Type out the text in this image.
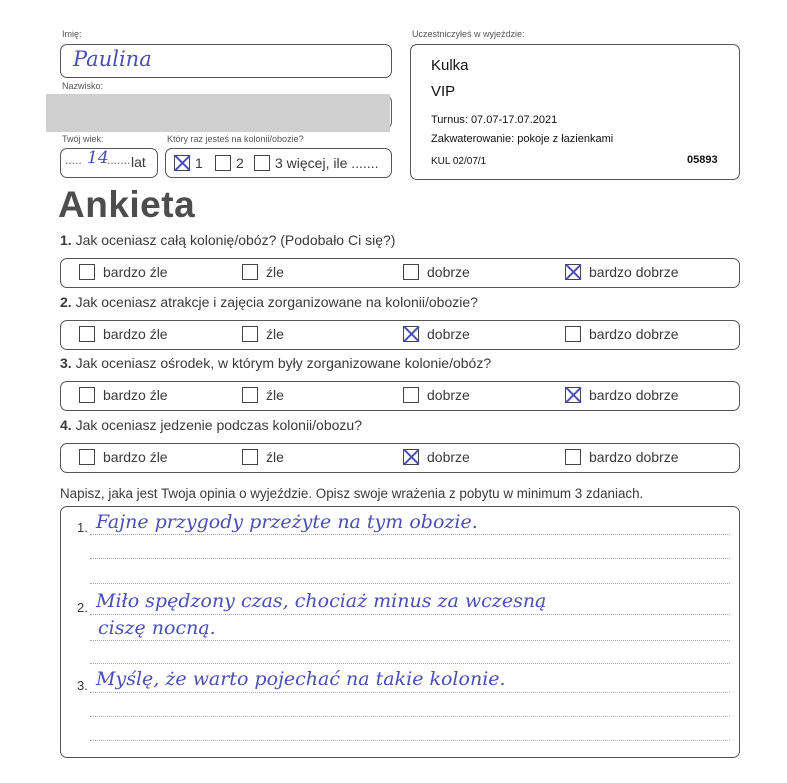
Imię:
Paulina
Nazwisko:
Twój wiek:
..... 14
....... lat
Który raz jesteś na kolonii/obozie?
1 2 3 więcej, ile .......
Uczestniczyłeś w wyjeździe:
Kulka
VIP
Turnus: 07.07-17.07.2021
Zakwaterowanie: pokoje z łazienkami
KUL 02/07/1	05893
Ankieta
1. Jak oceniasz całą kolonię/obóz? (Podobało Ci się?)
bardzo źle	źle	dobrze	bardzo dobrze
2. Jak oceniasz atrakcje i zajęcia zorganizowane na kolonii/obozie?
bardzo źle	źle	dobrze	bardzo dobrze
3. Jak oceniasz ośrodek, w którym były zorganizowane kolonie/obóz?
bardzo źle	źle	dobrze	bardzo dobrze
4. Jak oceniasz jedzenie podczas kolonii/obozu?
bardzo źle	źle	dobrze	bardzo dobrze
Napisz, jaka jest Twoja opinia o wyjeździe. Opisz swoje wrażenia z pobytu w minimum 3 zdaniach.
1. Fajne przygody przeżyte na tym obozie.
2. Miło spędzony czas, chociaż minus za wczesną
ciszę nocną.
3. Myślę, że warto pojechać na takie kolonie.
